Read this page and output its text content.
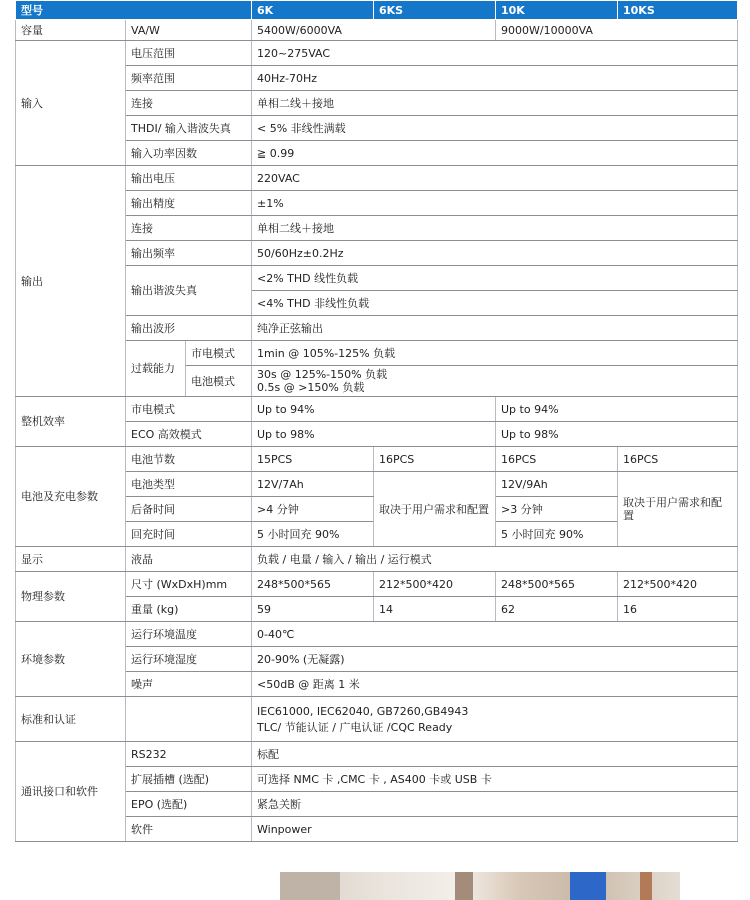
型号			6K	6KS	10K	10KS
容量	VA/W		5400W/6000VA		9000W/10000VA	
输入	电压范围		120~275VAC			
	频率范围		40Hz-70Hz			
	连接		单相二线＋接地			
	THDI/ 输入谐波失真		< 5% 非线性满载			
	输入功率因数		≧ 0.99			
输出	输出电压		220VAC			
	输出精度		±1%			
	连接		单相二线＋接地			
	输出频率		50/60Hz±0.2Hz			
	输出谐波失真		<2% THD 线性负载			
			<4% THD 非线性负载			
	输出波形		纯净正弦输出			
	过载能力	市电模式	1min @ 105%-125% 负载			
		电池模式	30s @ 125%-150% 负载
0.5s @ >150% 负载			

整机效率	市电模式		Up to 94%		Up to 94%	
	ECO 高效模式		Up to 98%		Up to 98%	
电池及充电参数	电池节数		15PCS	16PCS	16PCS	16PCS
	电池类型		12V/7Ah	取决于用户需求和配置	12V/9Ah	取决于用户需求和配置
	后备时间		>4 分钟		>3 分钟	
	回充时间		5 小时回充 90%		5 小时回充 90%	
显示	液晶		负载 / 电量 / 输入 / 输出 / 运行模式			
物理参数	尺寸 (WxDxH)mm		248*500*565	212*500*420	248*500*565	212*500*420
	重量 (kg)		59	14	62	16
环境参数	运行环境温度		0-40℃			
	运行环境湿度		20-90% (无凝露)			
	噪声		<50dB @ 距离 1 米			
标准和认证			IEC61000, IEC62040, GB7260,GB4943
TLC/ 节能认证 / 广电认证 /CQC Ready			

通讯接口和软件	RS232		标配			
	扩展插槽 (选配)		可选择 NMC 卡 ,CMC 卡 , AS400 卡或 USB 卡			
	EPO (选配)		紧急关断			
	软件		Winpower			
